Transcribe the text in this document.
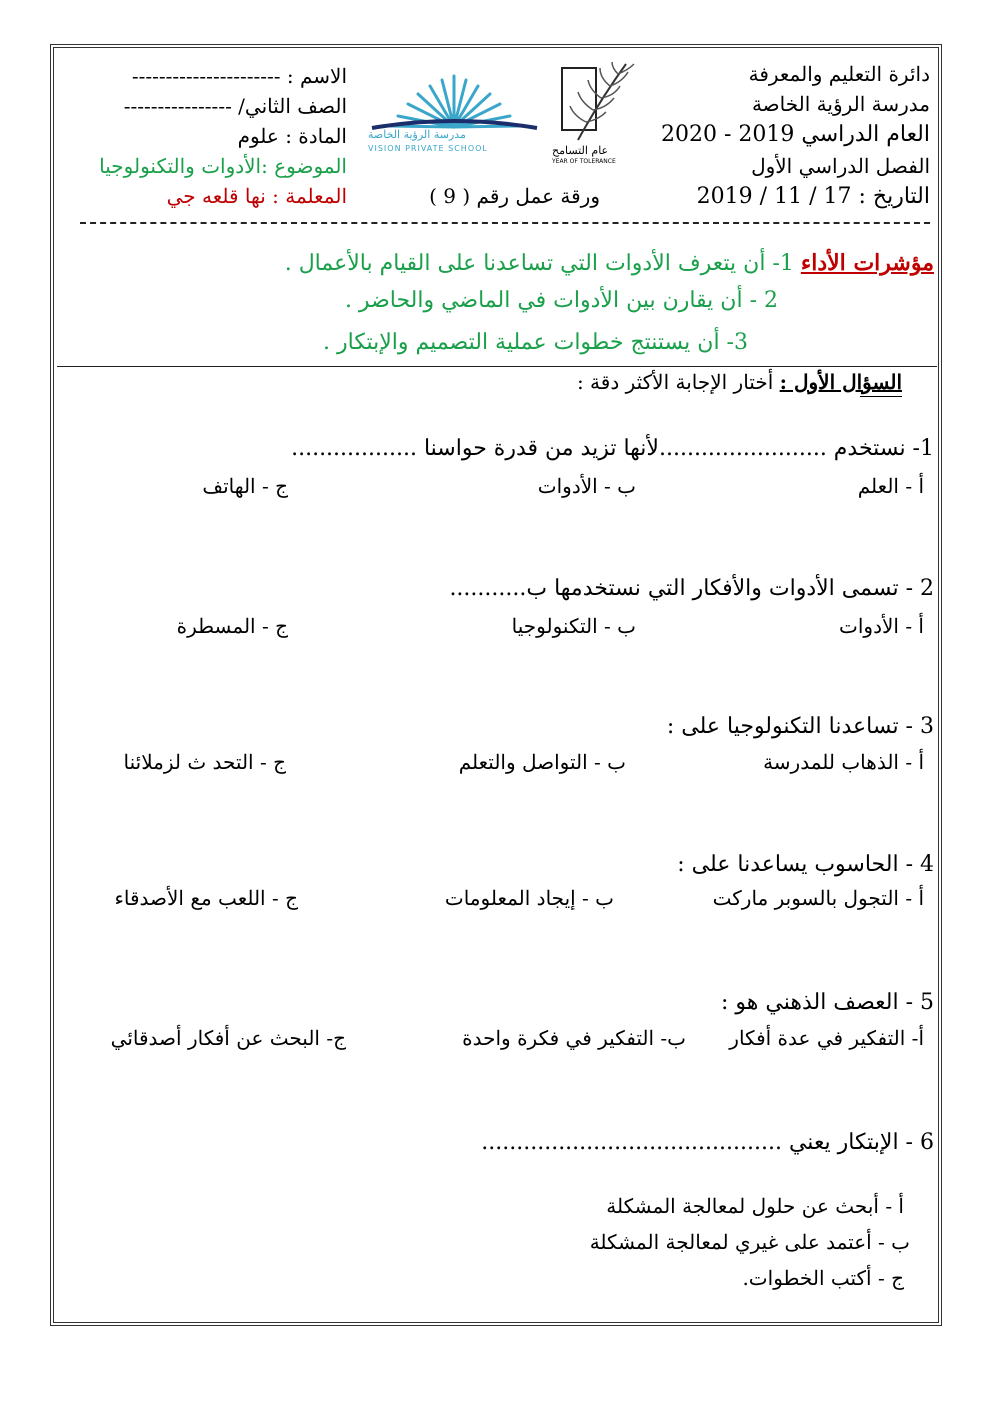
دائرة التعليم والمعرفة
مدرسة الرؤية الخاصة
العام الدراسي 2019 - 2020
الفصل الدراسي الأول
التاريخ : 17 / 11 / 2019
الاسم : ----------------------
الصف الثاني/ ----------------
المادة : علوم
الموضوع :الأدوات والتكنولوجيا
المعلمة : نها قلعه جي	ورقة عمل رقم ( 9 )
مدرسة الرؤية الخاصة
VISION PRIVATE SCHOOL	عام التسامح
YEAR OF TOLERANCE
مؤشرات الأداء 1- أن يتعرف الأدوات التي تساعدنا على القيام بالأعمال .
2 - أن يقارن بين الأدوات في الماضي والحاضر .
3- أن يستنتج خطوات عملية التصميم والإبتكار .
السؤال الأول : أختار الإجابة الأكثر دقة :
1- نستخدم ........................لأنها تزيد من قدرة حواسنا ..................
أ - العلم
ب - الأدوات
ج - الهاتف
2 - تسمى الأدوات والأفكار التي نستخدمها ب...........
أ - الأدوات
ب - التكنولوجيا
ج - المسطرة
3 - تساعدنا التكنولوجيا على :
أ - الذهاب للمدرسة
ب - التواصل والتعلم
ج - التحد ث لزملائنا
4 - الحاسوب يساعدنا على :
أ - التجول بالسوبر ماركت
ب - إيجاد المعلومات
ج - اللعب مع الأصدقاء
5 - العصف الذهني هو :
أ- التفكير في عدة أفكار
ب- التفكير في فكرة واحدة
ج- البحث عن أفكار أصدقائي
6 - الإبتكار يعني ...........................................
أ - أبحث عن حلول لمعالجة المشكلة
ب - أعتمد على غيري لمعالجة المشكلة
ج - أكتب الخطوات.
